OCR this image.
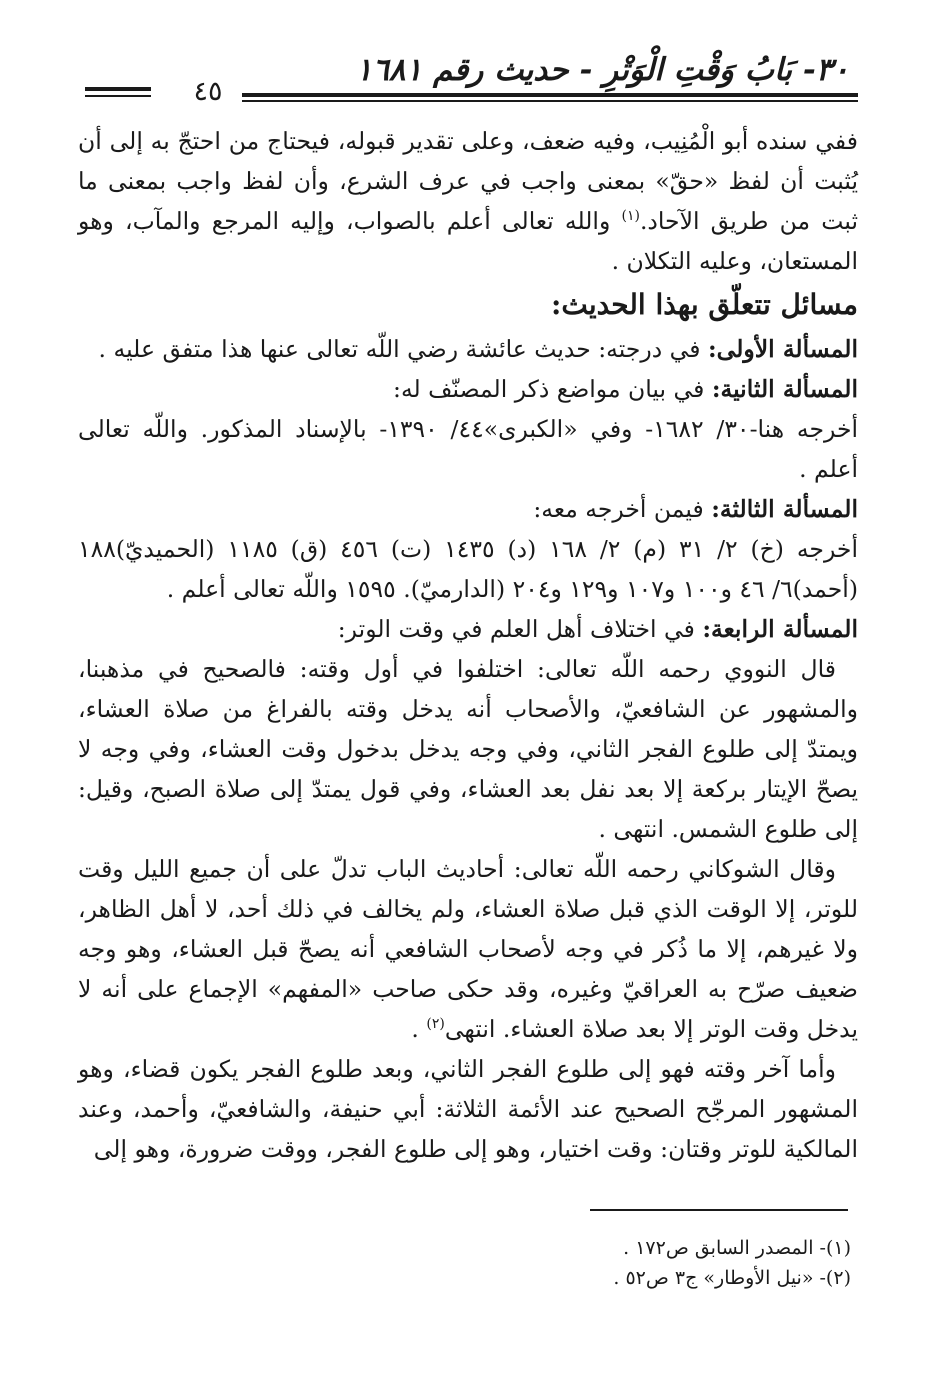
٣٠- بَابُ وَقْتِ الْوَتْرِ - حديث رقم ١٦٨١
٤٥

ففي سنده أبو الْمُنِيب، وفيه ضعف، وعلى تقدير قبوله، فيحتاج من احتجّ به إلى أن يُثبت أن لفظ «حقّ» بمعنى واجب في عرف الشرع، وأن لفظ واجب بمعنى ما ثبت من طريق الآحاد.$^{(١)}$ والله تعالى أعلم بالصواب، وإليه المرجع والمآب، وهو المستعان، وعليه التكلان .

مسائل تتعلّق بهذا الحديث:

المسألة الأولى: في درجته: حديث عائشة رضي اللّه تعالى عنها هذا متفق عليه .

المسألة الثانية: في بيان مواضع ذكر المصنّف له:

أخرجه هنا-٣٠/ ١٦٨٢- وفي «الكبرى»٤٤/ ١٣٩٠- بالإسناد المذكور. واللّه تعالى أعلم .

المسألة الثالثة: فيمن أخرجه معه:

أخرجه (خ) ٢/ ٣١ (م) ٢/ ١٦٨ (د) ١٤٣٥ (ت) ٤٥٦ (ق) ١١٨٥ (الحميديّ)١٨٨ (أحمد)٦/ ٤٦ و١٠٠ و١٠٧ و١٢٩ و٢٠٤ (الدارميّ). ١٥٩٥ واللّه تعالى أعلم .

المسألة الرابعة: في اختلاف أهل العلم في وقت الوتر:

قال النووي رحمه اللّه تعالى: اختلفوا في أول وقته: فالصحيح في مذهبنا، والمشهور عن الشافعيّ، والأصحاب أنه يدخل وقته بالفراغ من صلاة العشاء، ويمتدّ إلى طلوع الفجر الثاني، وفي وجه يدخل بدخول وقت العشاء، وفي وجه لا يصحّ الإيتار بركعة إلا بعد نفل بعد العشاء، وفي قول يمتدّ إلى صلاة الصبح، وقيل: إلى طلوع الشمس. انتهى .

وقال الشوكاني رحمه اللّه تعالى: أحاديث الباب تدلّ على أن جميع الليل وقت للوتر، إلا الوقت الذي قبل صلاة العشاء، ولم يخالف في ذلك أحد، لا أهل الظاهر، ولا غيرهم، إلا ما ذُكر في وجه لأصحاب الشافعي أنه يصحّ قبل العشاء، وهو وجه ضعيف صرّح به العراقيّ وغيره، وقد حكى صاحب «المفهم» الإجماع على أنه لا يدخل وقت الوتر إلا بعد صلاة العشاء. انتهى$^{(٢)}$ .

وأما آخر وقته فهو إلى طلوع الفجر الثاني، وبعد طلوع الفجر يكون قضاء، وهو المشهور المرجّح الصحيح عند الأئمة الثلاثة: أبي حنيفة، والشافعيّ، وأحمد، وعند المالكية للوتر وقتان: وقت اختيار، وهو إلى طلوع الفجر، ووقت ضرورة، وهو إلى

(١)- المصدر السابق ص١٧٢ .

(٢)- «نيل الأوطار» ج٣ ص٥٢ .
